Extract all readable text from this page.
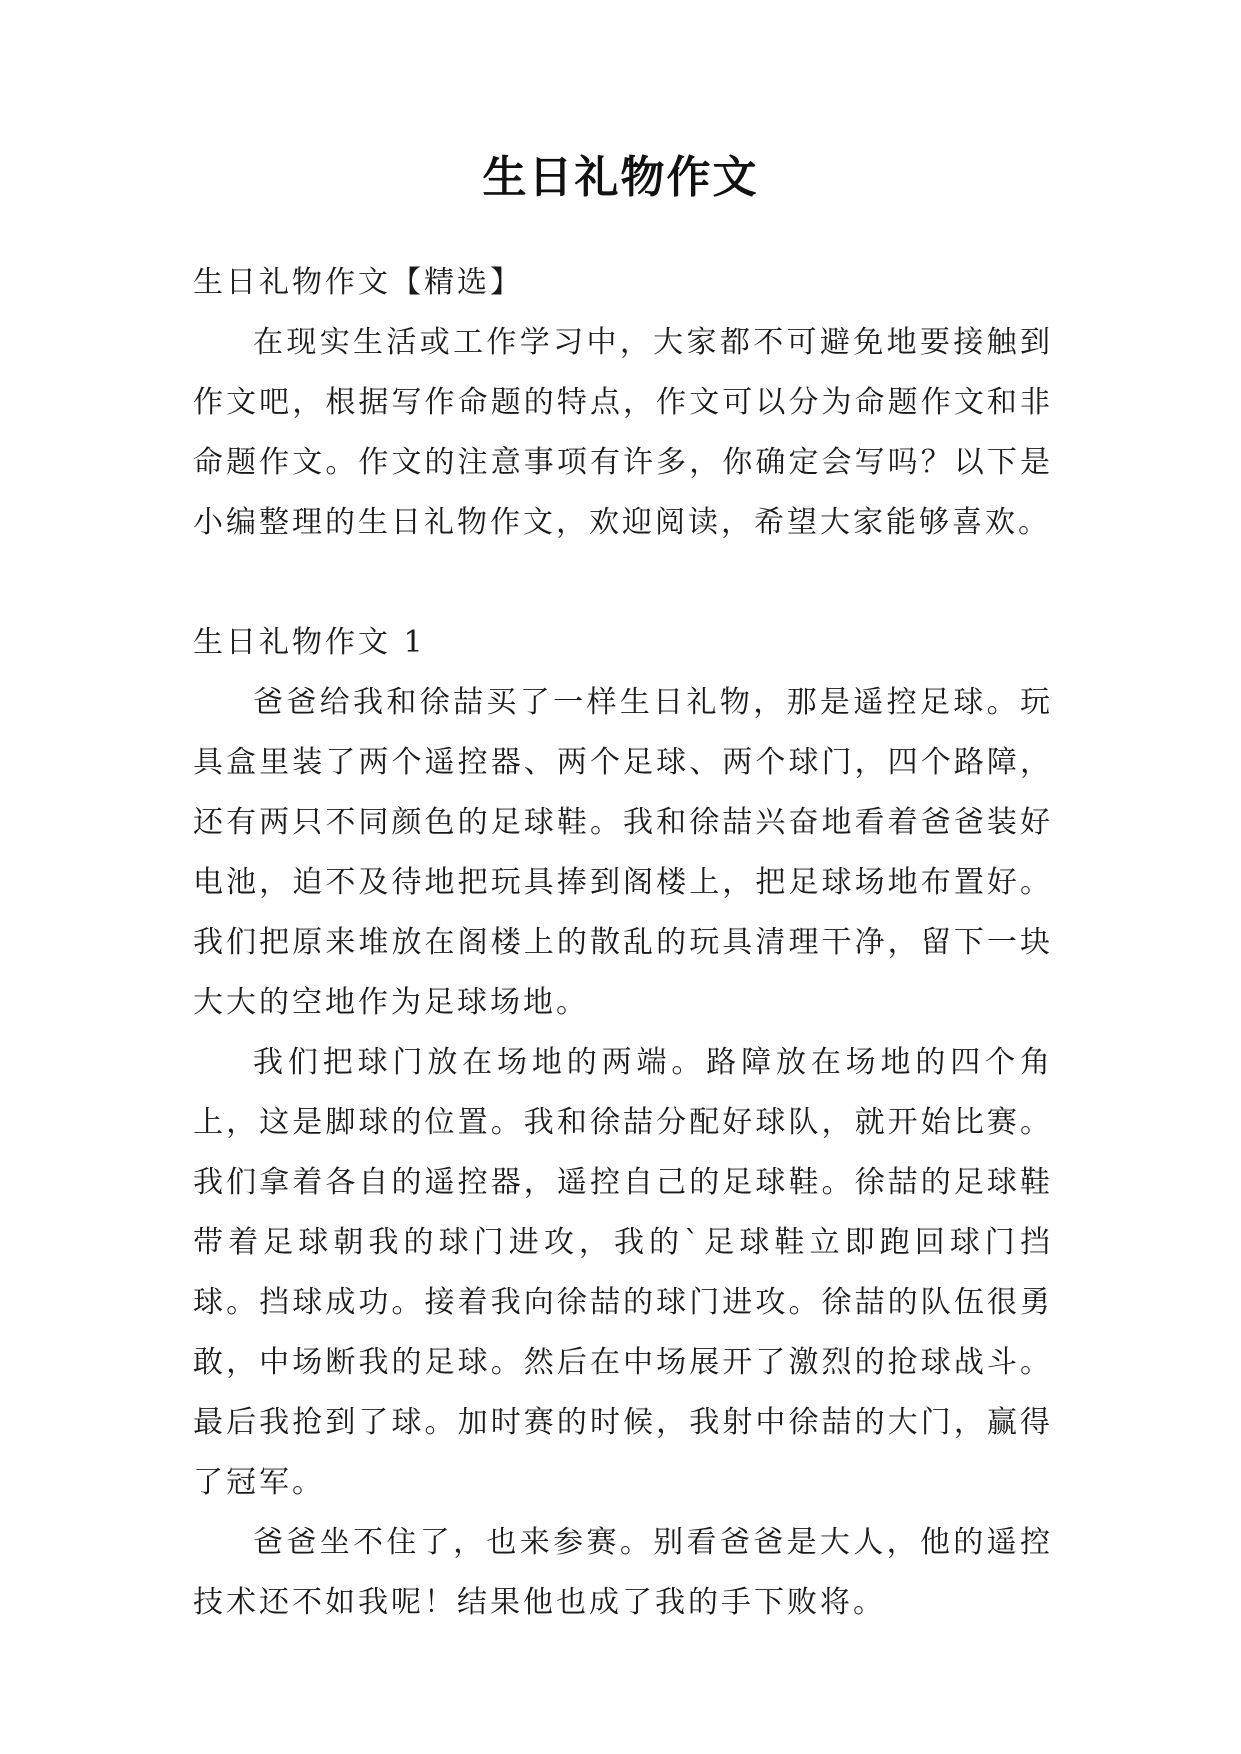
生日礼物作文
生日礼物作文【精选】
在现实生活或工作学习中，大家都不可避免地要接触到作文吧，根据写作命题的特点，作文可以分为命题作文和非命题作文。作文的注意事项有许多，你确定会写吗？以下是小编整理的生日礼物作文，欢迎阅读，希望大家能够喜欢。
生日礼物作文 1
爸爸给我和徐喆买了一样生日礼物，那是遥控足球。玩具盒里装了两个遥控器、两个足球、两个球门，四个路障，还有两只不同颜色的足球鞋。我和徐喆兴奋地看着爸爸装好电池，迫不及待地把玩具捧到阁楼上，把足球场地布置好。我们把原来堆放在阁楼上的散乱的玩具清理干净，留下一块大大的空地作为足球场地。
我们把球门放在场地的两端。路障放在场地的四个角上，这是脚球的位置。我和徐喆分配好球队，就开始比赛。我们拿着各自的遥控器，遥控自己的足球鞋。徐喆的足球鞋带着足球朝我的球门进攻，我的`足球鞋立即跑回球门挡球。挡球成功。接着我向徐喆的球门进攻。徐喆的队伍很勇敢，中场断我的足球。然后在中场展开了激烈的抢球战斗。最后我抢到了球。加时赛的时候，我射中徐喆的大门，赢得了冠军。
爸爸坐不住了，也来参赛。别看爸爸是大人，他的遥控技术还不如我呢！结果他也成了我的手下败将。
